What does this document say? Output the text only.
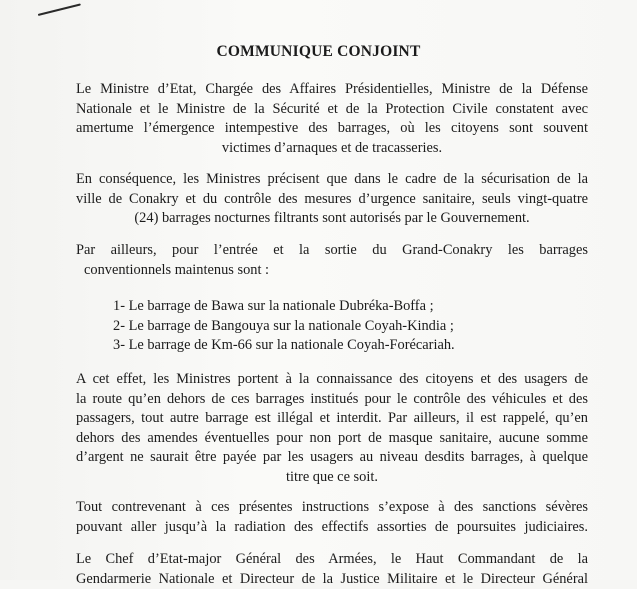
COMMUNIQUE CONJOINT
Le Ministre d’Etat, Chargée des Affaires Présidentielles, Ministre de la Défense
Nationale et le Ministre de la Sécurité et de la Protection Civile constatent avec
amertume l’émergence intempestive des barrages, où les citoyens sont souvent
victimes d’arnaques et de tracasseries.
En conséquence, les Ministres précisent que dans le cadre de la sécurisation de la
ville de Conakry et du contrôle des mesures d’urgence sanitaire, seuls vingt-quatre
(24) barrages nocturnes filtrants sont autorisés par le Gouvernement.
Par ailleurs, pour l’entrée et la sortie du Grand-Conakry les barrages
conventionnels maintenus sont :
1- Le barrage de Bawa sur la nationale Dubréka-Boffa ;
2- Le barrage de Bangouya sur la nationale Coyah-Kindia ;
3- Le barrage de Km-66 sur la nationale Coyah-Forécariah.
A cet effet, les Ministres portent à la connaissance des citoyens et des usagers de
la route qu’en dehors de ces barrages institués pour le contrôle des véhicules et des
passagers, tout autre barrage est illégal et interdit. Par ailleurs, il est rappelé, qu’en
dehors des amendes éventuelles pour non port de masque sanitaire, aucune somme
d’argent ne saurait être payée par les usagers au niveau desdits barrages, à quelque
titre que ce soit.
Tout contrevenant à ces présentes instructions s’expose à des sanctions sévères
pouvant aller jusqu’à la radiation des effectifs assorties de poursuites judiciaires.
Le Chef d’Etat-major Général des Armées, le Haut Commandant de la
Gendarmerie Nationale et Directeur de la Justice Militaire et le Directeur Général
